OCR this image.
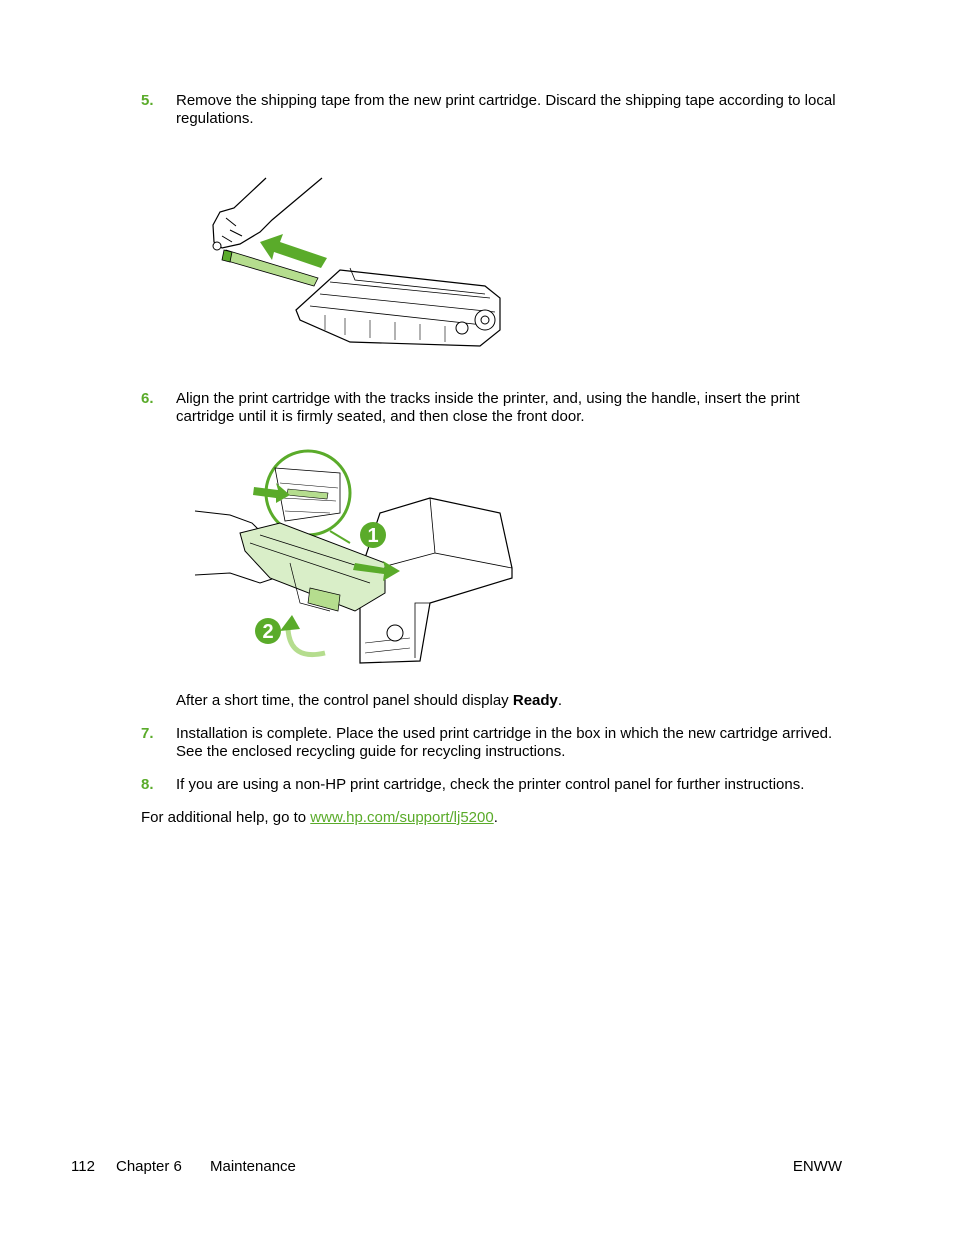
5. Remove the shipping tape from the new print cartridge. Discard the shipping tape according to local regulations.
6. Align the print cartridge with the tracks inside the printer, and, using the handle, insert the print cartridge until it is firmly seated, and then close the front door.
1
2
After a short time, the control panel should display Ready.
7. Installation is complete. Place the used print cartridge in the box in which the new cartridge arrived. See the enclosed recycling guide for recycling instructions.
8. If you are using a non-HP print cartridge, check the printer control panel for further instructions.
For additional help, go to www.hp.com/support/lj5200.
112 Chapter 6 Maintenance	ENWW
